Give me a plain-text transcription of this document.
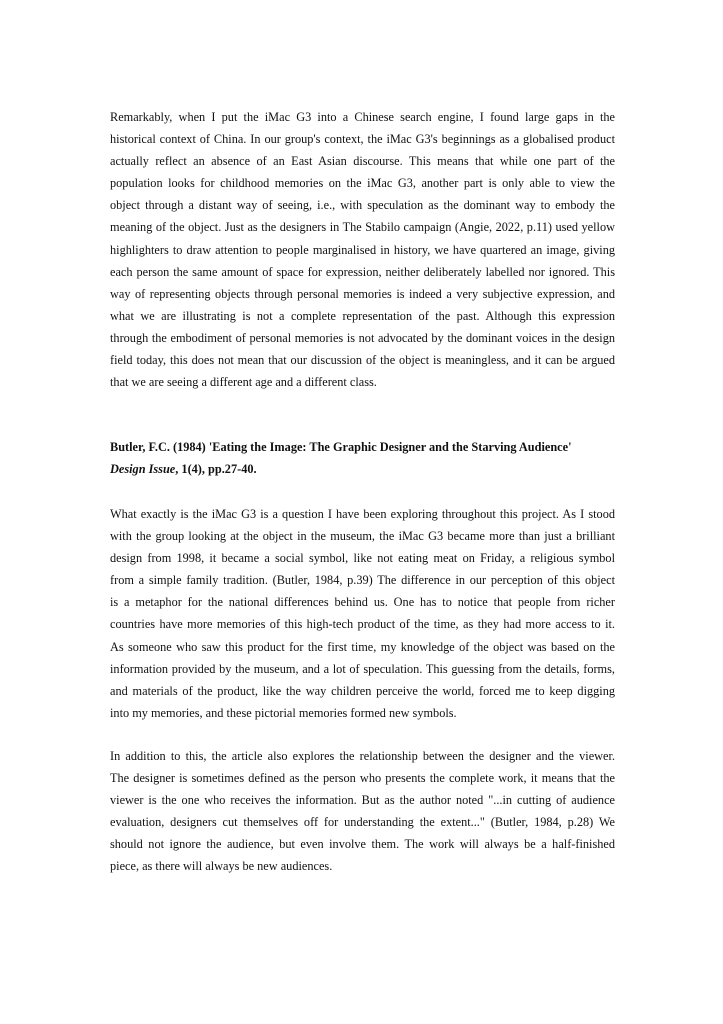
Remarkably, when I put the iMac G3 into a Chinese search engine, I found large gaps in the
historical context of China. In our group's context, the iMac G3's beginnings as a globalised product
actually reflect an absence of an East Asian discourse. This means that while one part of the
population looks for childhood memories on the iMac G3, another part is only able to view the
object through a distant way of seeing, i.e., with speculation as the dominant way to embody the
meaning of the object. Just as the designers in The Stabilo campaign (Angie, 2022, p.11) used yellow
highlighters to draw attention to people marginalised in history, we have quartered an image, giving
each person the same amount of space for expression, neither deliberately labelled nor ignored. This
way of representing objects through personal memories is indeed a very subjective expression, and
what we are illustrating is not a complete representation of the past. Although this expression
through the embodiment of personal memories is not advocated by the dominant voices in the design
field today, this does not mean that our discussion of the object is meaningless, and it can be argued
that we are seeing a different age and a different class.
Butler, F.C. (1984) 'Eating the Image: The Graphic Designer and the Starving Audience'
Design Issue, 1(4), pp.27-40.
What exactly is the iMac G3 is a question I have been exploring throughout this project. As I stood
with the group looking at the object in the museum, the iMac G3 became more than just a brilliant
design from 1998, it became a social symbol, like not eating meat on Friday, a religious symbol
from a simple family tradition. (Butler, 1984, p.39) The difference in our perception of this object
is a metaphor for the national differences behind us. One has to notice that people from richer
countries have more memories of this high-tech product of the time, as they had more access to it.
As someone who saw this product for the first time, my knowledge of the object was based on the
information provided by the museum, and a lot of speculation. This guessing from the details, forms,
and materials of the product, like the way children perceive the world, forced me to keep digging
into my memories, and these pictorial memories formed new symbols.
In addition to this, the article also explores the relationship between the designer and the viewer.
The designer is sometimes defined as the person who presents the complete work, it means that the
viewer is the one who receives the information. But as the author noted "...in cutting of audience
evaluation, designers cut themselves off for understanding the extent..." (Butler, 1984, p.28) We
should not ignore the audience, but even involve them. The work will always be a half-finished
piece, as there will always be new audiences.
